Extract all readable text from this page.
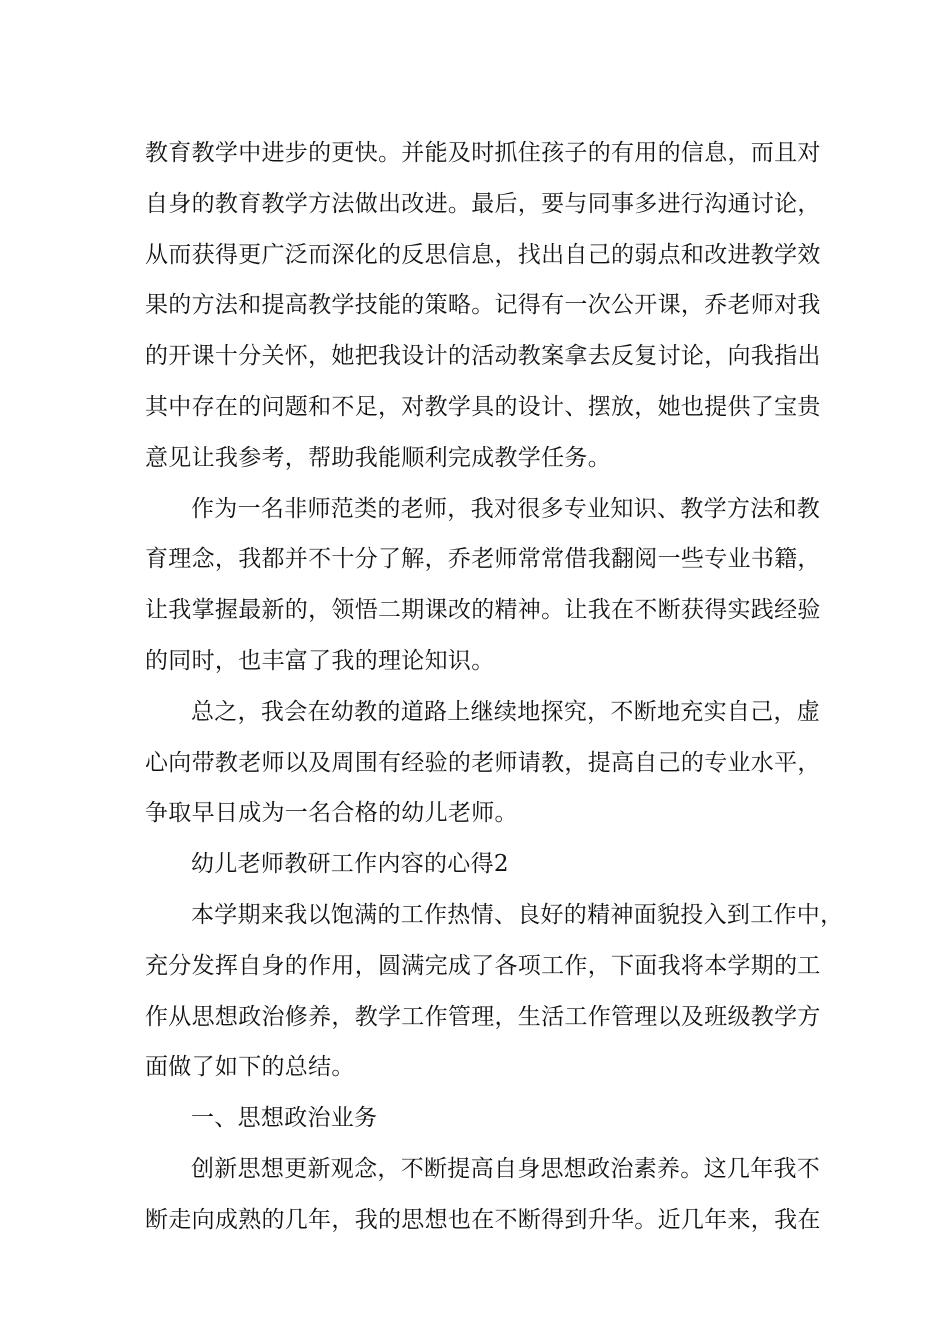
教育教学中进步的更快。并能及时抓住孩子的有用的信息，而且对
自身的教育教学方法做出改进。最后，要与同事多进行沟通讨论，
从而获得更广泛而深化的反思信息，找出自己的弱点和改进教学效
果的方法和提高教学技能的策略。记得有一次公开课，乔老师对我
的开课十分关怀，她把我设计的活动教案拿去反复讨论，向我指出
其中存在的问题和不足，对教学具的设计、摆放，她也提供了宝贵
意见让我参考，帮助我能顺利完成教学任务。
作为一名非师范类的老师，我对很多专业知识、教学方法和教
育理念，我都并不十分了解，乔老师常常借我翻阅一些专业书籍，
让我掌握最新的，领悟二期课改的精神。让我在不断获得实践经验
的同时，也丰富了我的理论知识。
总之，我会在幼教的道路上继续地探究，不断地充实自己，虚
心向带教老师以及周围有经验的老师请教，提高自己的专业水平，
争取早日成为一名合格的幼儿老师。
幼儿老师教研工作内容的心得2
本学期来我以饱满的工作热情、良好的精神面貌投入到工作中，
充分发挥自身的作用，圆满完成了各项工作，下面我将本学期的工
作从思想政治修养，教学工作管理，生活工作管理以及班级教学方
面做了如下的总结。
一、思想政治业务
创新思想更新观念，不断提高自身思想政治素养。这几年我不
断走向成熟的几年，我的思想也在不断得到升华。近几年来，我在
